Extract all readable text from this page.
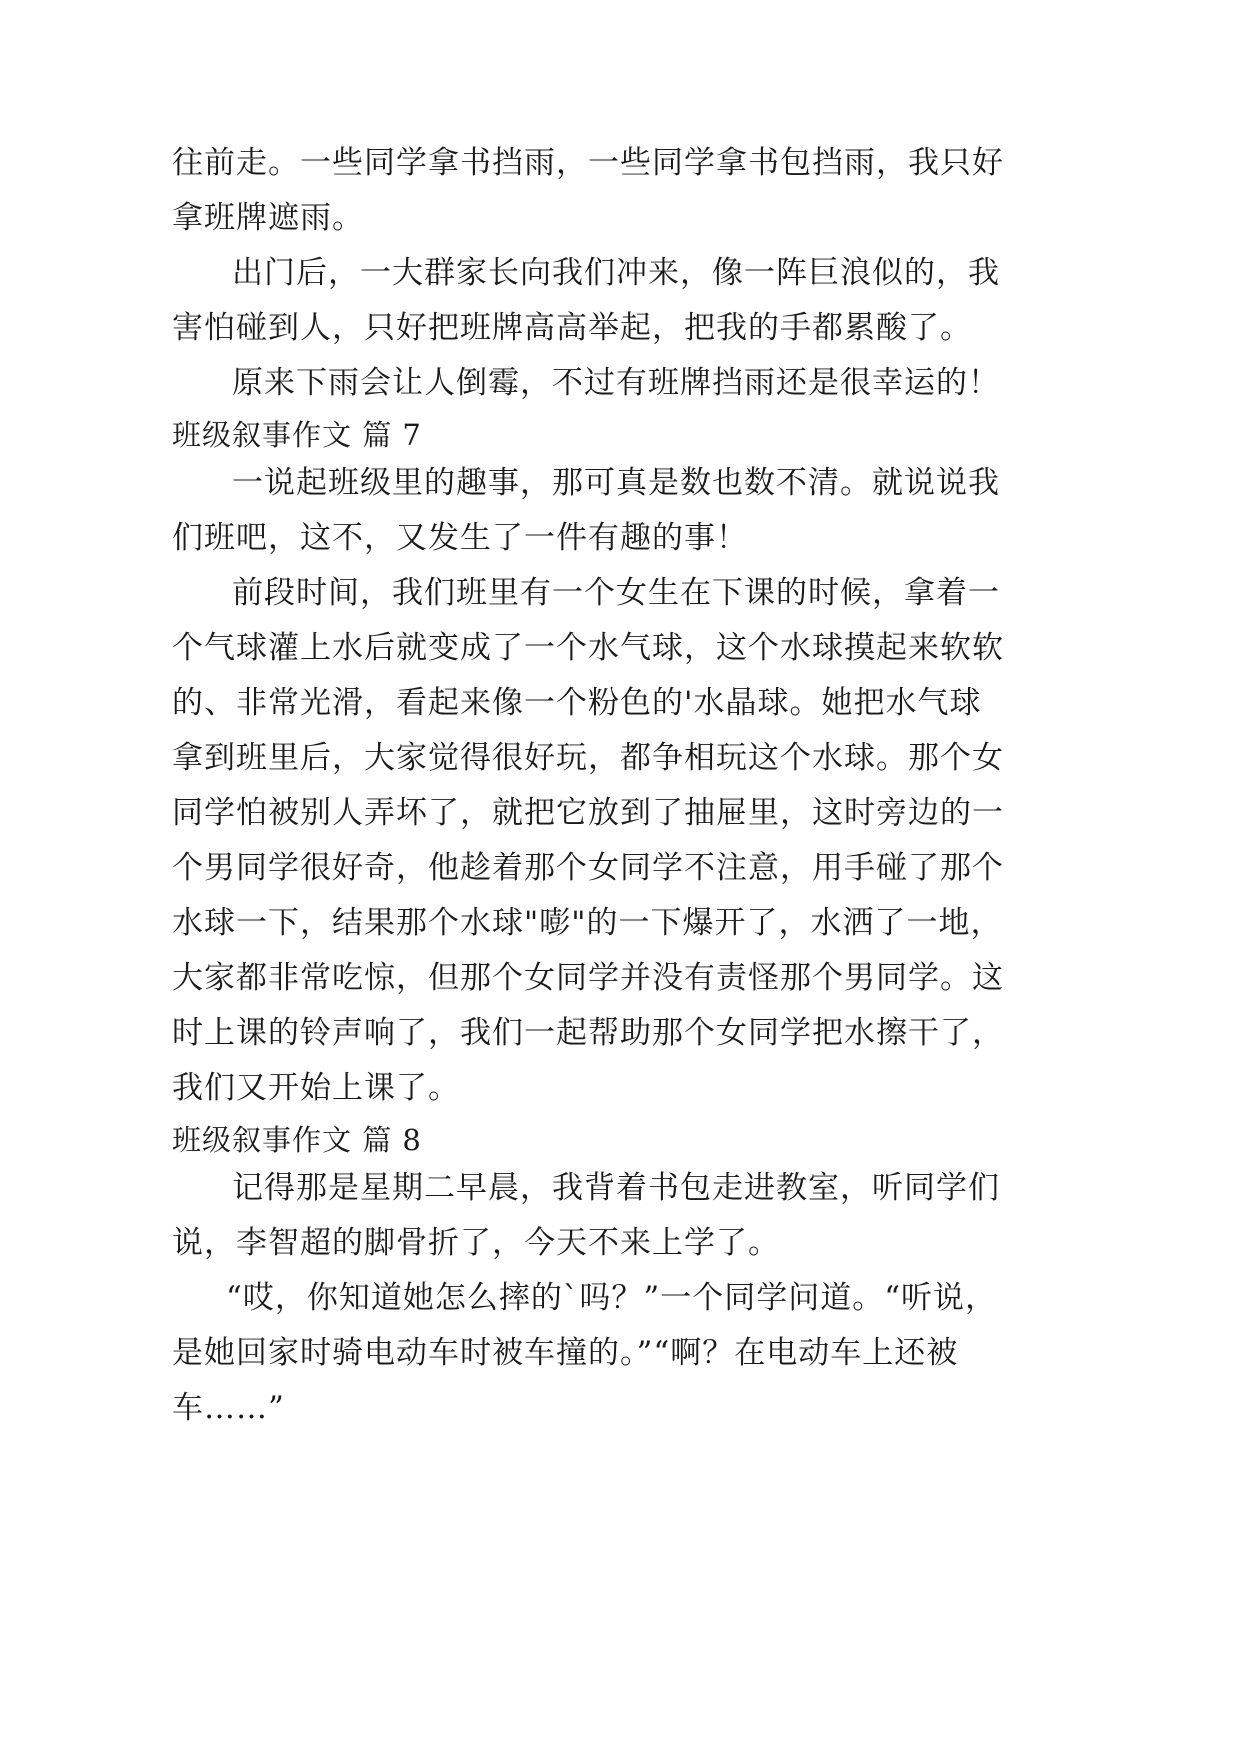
往前走。一些同学拿书挡雨，一些同学拿书包挡雨，我只好
拿班牌遮雨。
出门后，一大群家长向我们冲来，像一阵巨浪似的，我
害怕碰到人，只好把班牌高高举起，把我的手都累酸了。
原来下雨会让人倒霉，不过有班牌挡雨还是很幸运的！
班级叙事作文 篇 7
一说起班级里的趣事，那可真是数也数不清。就说说我
们班吧，这不，又发生了一件有趣的事！
前段时间，我们班里有一个女生在下课的时候，拿着一
个气球灌上水后就变成了一个水气球，这个水球摸起来软软
的、非常光滑，看起来像一个粉色的'水晶球。她把水气球
拿到班里后，大家觉得很好玩，都争相玩这个水球。那个女
同学怕被别人弄坏了，就把它放到了抽屉里，这时旁边的一
个男同学很好奇，他趁着那个女同学不注意，用手碰了那个
水球一下，结果那个水球"嘭"的一下爆开了，水洒了一地，
大家都非常吃惊，但那个女同学并没有责怪那个男同学。这
时上课的铃声响了，我们一起帮助那个女同学把水擦干了，
我们又开始上课了。
班级叙事作文 篇 8
记得那是星期二早晨，我背着书包走进教室，听同学们
说，李智超的脚骨折了，今天不来上学了。
“哎，你知道她怎么摔的`吗？”一个同学问道。“听说，
是她回家时骑电动车时被车撞的。”“啊？在电动车上还被
车……”
